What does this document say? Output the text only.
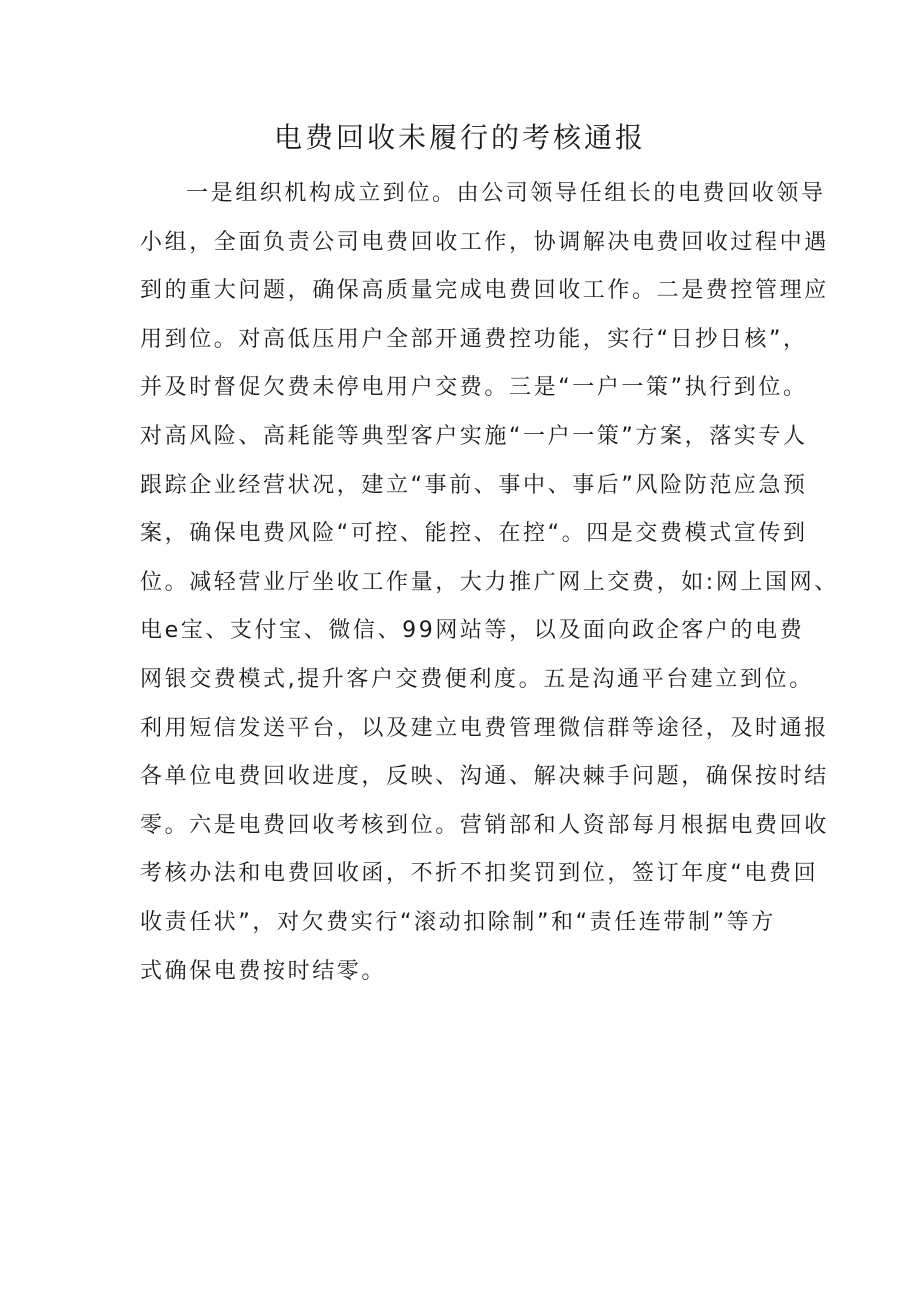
电费回收未履行的考核通报
一是组织机构成立到位。由公司领导任组长的电费回收领导
小组，全面负责公司电费回收工作，协调解决电费回收过程中遇
到的重大问题，确保高质量完成电费回收工作。二是费控管理应
用到位。对高低压用户全部开通费控功能，实行“日抄日核”，
并及时督促欠费未停电用户交费。三是“一户一策”执行到位。
对高风险、高耗能等典型客户实施“一户一策”方案，落实专人
跟踪企业经营状况，建立“事前、事中、事后”风险防范应急预
案，确保电费风险“可控、能控、在控“。四是交费模式宣传到
位。减轻营业厅坐收工作量，大力推广网上交费，如:网上国网、
电e宝、支付宝、微信、99网站等，以及面向政企客户的电费
网银交费模式,提升客户交费便利度。五是沟通平台建立到位。
利用短信发送平台，以及建立电费管理微信群等途径，及时通报
各单位电费回收进度，反映、沟通、解决棘手问题，确保按时结
零。六是电费回收考核到位。营销部和人资部每月根据电费回收
考核办法和电费回收函，不折不扣奖罚到位，签订年度“电费回
收责任状”，对欠费实行“滚动扣除制”和“责任连带制”等方
式确保电费按时结零。
